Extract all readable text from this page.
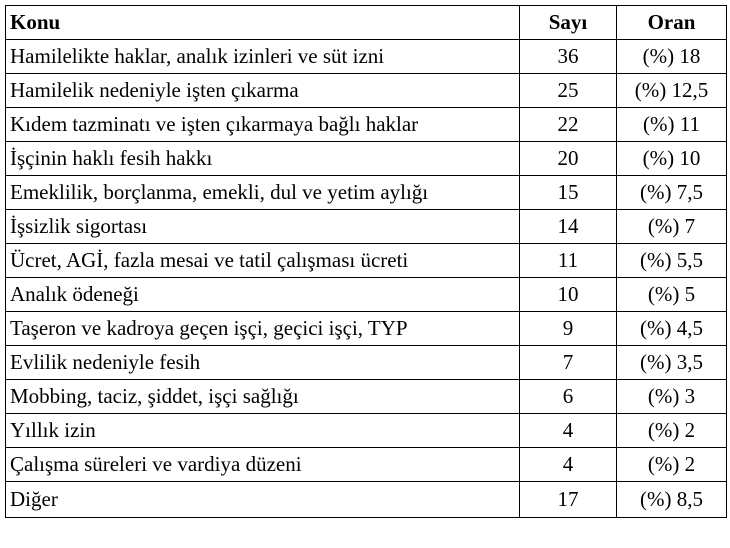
Konu	Sayı	Oran
Hamilelikte haklar, analık izinleri ve süt izni	36	(%) 18
Hamilelik nedeniyle işten çıkarma	25	(%) 12,5
Kıdem tazminatı ve işten çıkarmaya bağlı haklar	22	(%) 11
İşçinin haklı fesih hakkı	20	(%) 10
Emeklilik, borçlanma, emekli, dul ve yetim aylığı	15	(%) 7,5
İşsizlik sigortası	14	(%) 7
Ücret, AGİ, fazla mesai ve tatil çalışması ücreti	11	(%) 5,5
Analık ödeneği	10	(%) 5
Taşeron ve kadroya geçen işçi, geçici işçi, TYP	9	(%) 4,5
Evlilik nedeniyle fesih	7	(%) 3,5
Mobbing, taciz, şiddet, işçi sağlığı	6	(%) 3
Yıllık izin	4	(%) 2
Çalışma süreleri ve vardiya düzeni	4	(%) 2
Diğer	17	(%) 8,5
